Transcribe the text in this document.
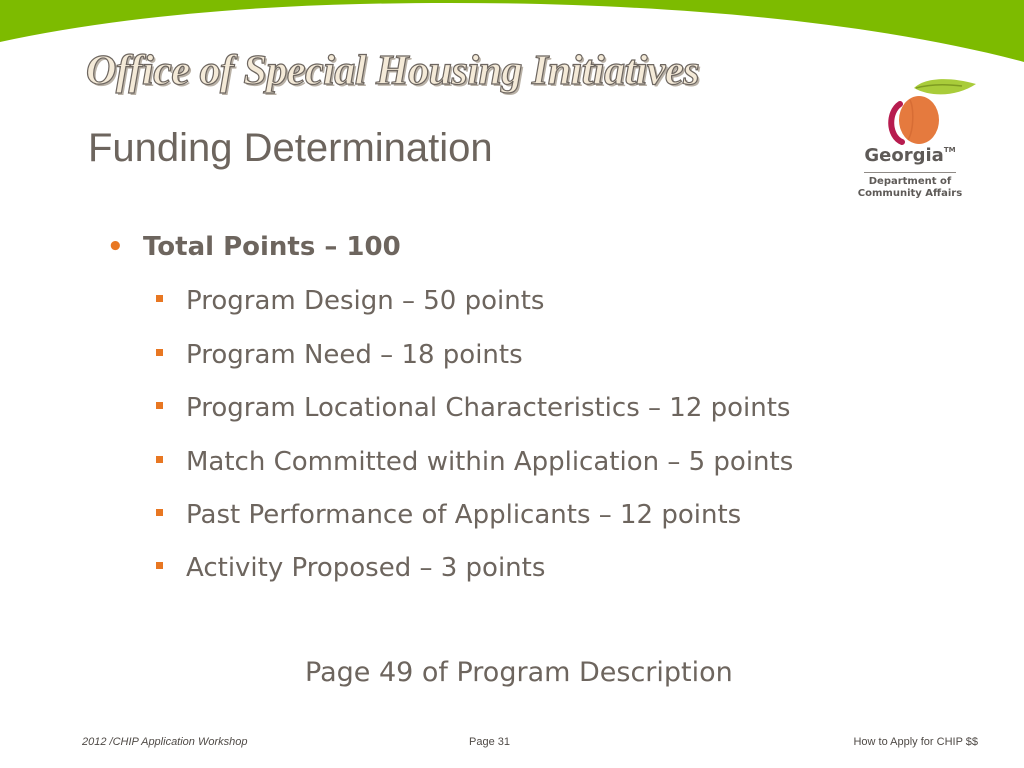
Office of Special Housing Initiatives
Funding Determination	Georgia™
Department of
Community Affairs
• Total Points – 100
Program Design – 50 points
Program Need – 18 points
Program Locational Characteristics – 12 points
Match Committed within Application – 5 points
Past Performance of Applicants – 12 points
Activity Proposed – 3 points
Page 49 of Program Description
2012 /CHIP Application Workshop	Page 31	How to Apply for CHIP $$
